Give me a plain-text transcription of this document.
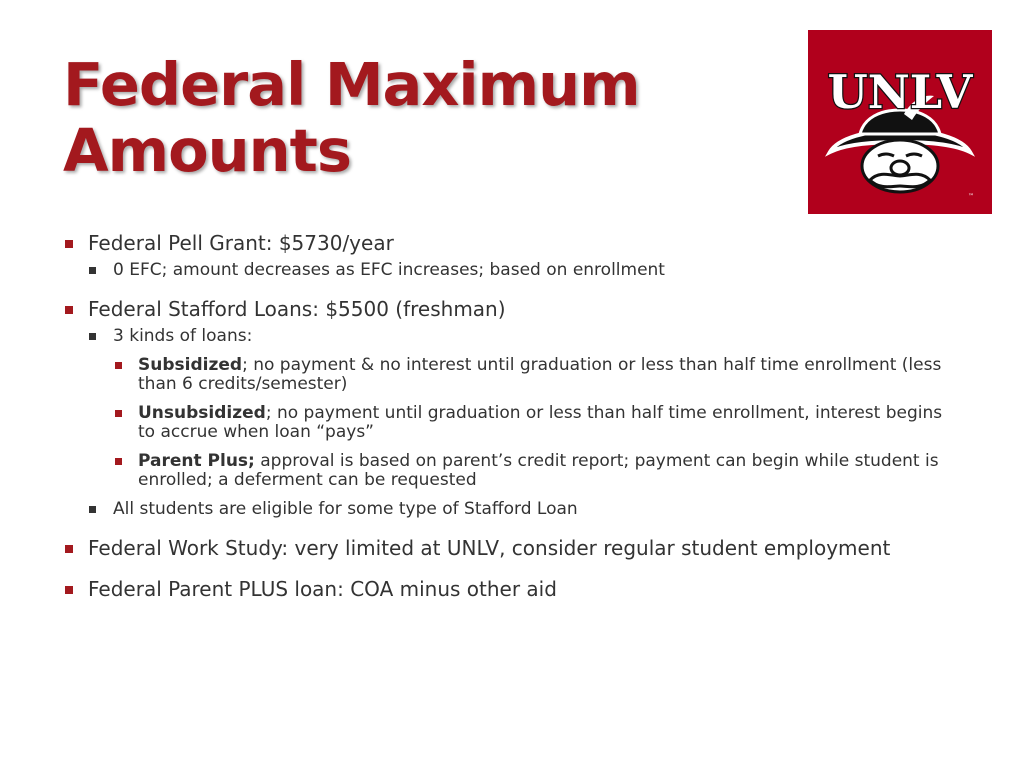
Federal Maximum
Amounts
UNLV
™
Federal Pell Grant: $5730/year
0 EFC; amount decreases as EFC increases; based on enrollment
Federal Stafford Loans: $5500 (freshman)
3 kinds of loans:
Subsidized; no payment & no interest until graduation or less than half time enrollment (less than 6 credits/semester)
Unsubsidized; no payment until graduation or less than half time enrollment, interest begins to accrue when loan “pays”
Parent Plus; approval is based on parent’s credit report; payment can begin while student is enrolled; a deferment can be requested
All students are eligible for some type of Stafford Loan
Federal Work Study: very limited at UNLV, consider regular student employment
Federal Parent PLUS loan: COA minus other aid
